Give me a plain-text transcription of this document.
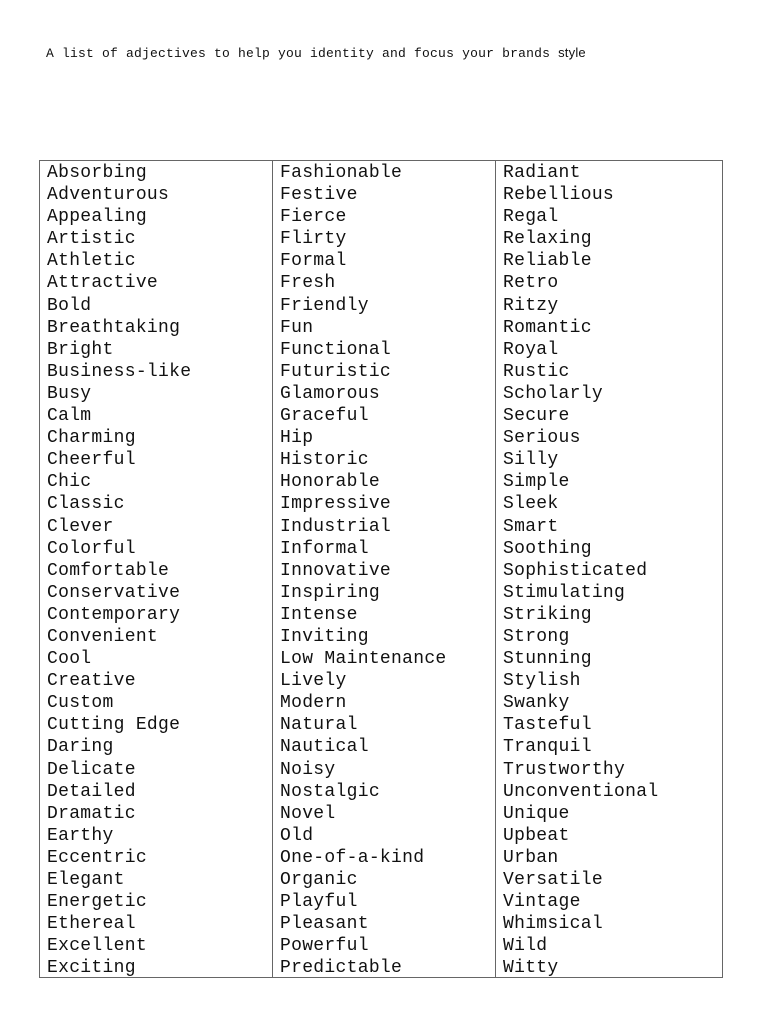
A list of adjectives to help you identity and focus your brands style
Absorbing
Adventurous
Appealing
Artistic
Athletic
Attractive
Bold
Breathtaking
Bright
Business-like
Busy
Calm
Charming
Cheerful
Chic
Classic
Clever
Colorful
Comfortable
Conservative
Contemporary
Convenient
Cool
Creative
Custom
Cutting Edge
Daring
Delicate
Detailed
Dramatic
Earthy
Eccentric
Elegant
Energetic
Ethereal
Excellent
Exciting
Fashionable
Festive
Fierce
Flirty
Formal
Fresh
Friendly
Fun
Functional
Futuristic
Glamorous
Graceful
Hip
Historic
Honorable
Impressive
Industrial
Informal
Innovative
Inspiring
Intense
Inviting
Low Maintenance
Lively
Modern
Natural
Nautical
Noisy
Nostalgic
Novel
Old
One-of-a-kind
Organic
Playful
Pleasant
Powerful
Predictable
Radiant
Rebellious
Regal
Relaxing
Reliable
Retro
Ritzy
Romantic
Royal
Rustic
Scholarly
Secure
Serious
Silly
Simple
Sleek
Smart
Soothing
Sophisticated
Stimulating
Striking
Strong
Stunning
Stylish
Swanky
Tasteful
Tranquil
Trustworthy
Unconventional
Unique
Upbeat
Urban
Versatile
Vintage
Whimsical
Wild
Witty
